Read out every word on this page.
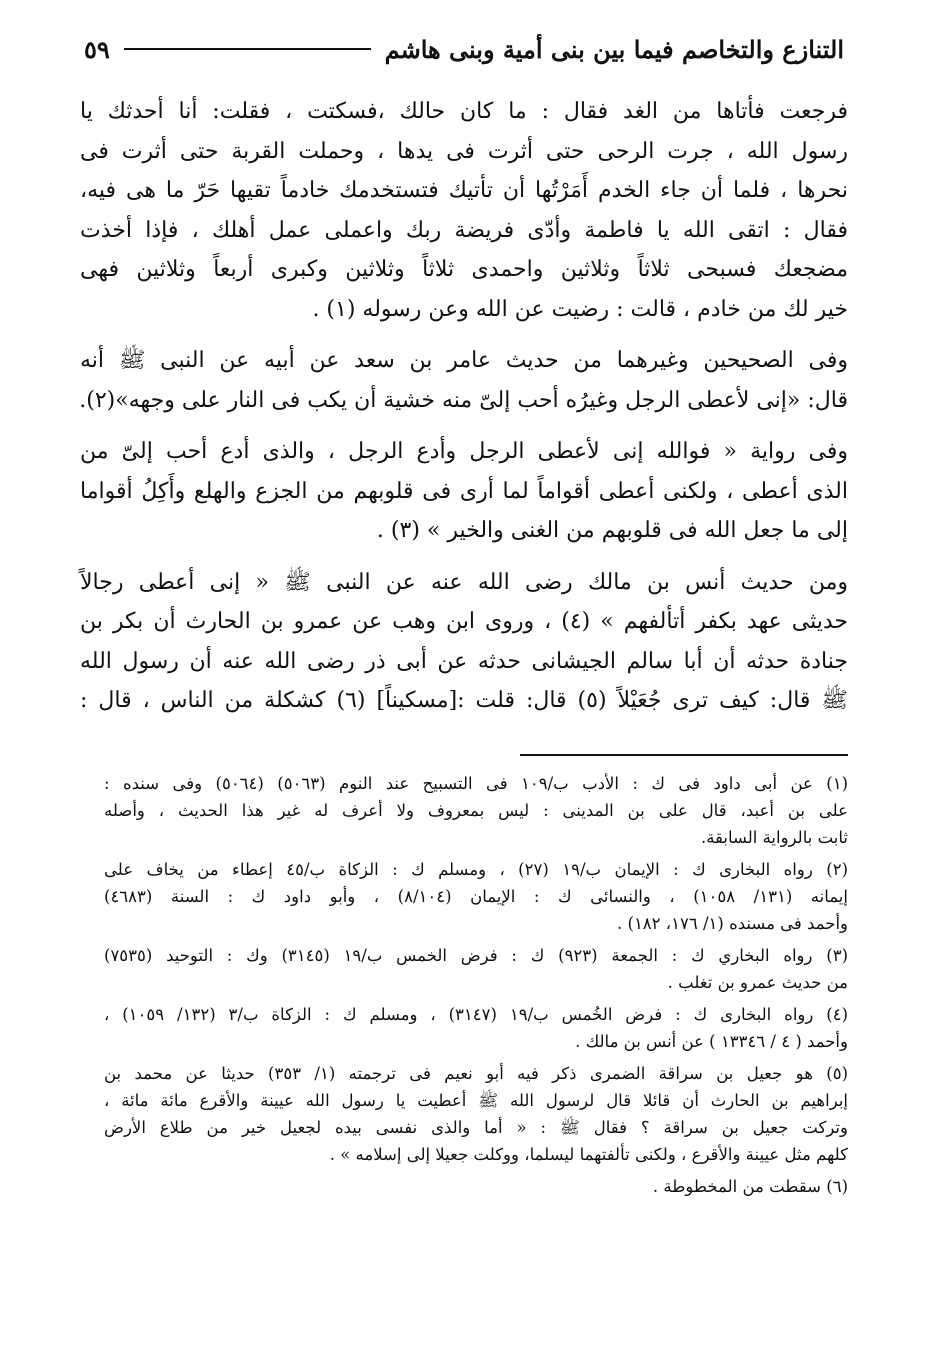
التنازع والتخاصم فيما بين بنى أمية وبنى هاشم
٥٩

فرجعت فأتاها من الغد فقال : ما كان حالك ،فسكتت ، فقلت: أنا أحدثك يا
رسول الله ، جرت الرحى حتى أثرت فى يدها ، وحملت القربة حتى أثرت فى
نحرها ، فلما أن جاء الخدم أَمَرْتُها أن تأتيك فتستخدمك خادماً تقيها حَرّ ما هى فيه،
فقال : اتقى الله يا فاطمة وأدّى فريضة ربك واعملى عمل أهلك ، فإذا أخذت
مضجعك فسبحى ثلاثاً وثلاثين واحمدى ثلاثاً وثلاثين وكبرى أربعاً وثلاثين فهى
خير لك من خادم ، قالت : رضيت عن الله وعن رسوله (١) .

وفى الصحيحين وغيرهما من حديث عامر بن سعد عن أبيه عن النبى ﷺ أنه
قال: «إنى لأعطى الرجل وغيرُه أحب إلىّ منه خشية أن يكب فى النار على وجهه»(٢).

وفى رواية « فوالله إنى لأعطى الرجل وأدع الرجل ، والذى أدع أحب إلىّ من
الذى أعطى ، ولكنى أعطى أقواماً لما أرى فى قلوبهم من الجزع والهلع وأَكِلُ أقواما
إلى ما جعل الله فى قلوبهم من الغنى والخير » (٣) .

ومن حديث أنس بن مالك رضى الله عنه عن النبى ﷺ « إنى أعطى رجالاً
حديثى عهد بكفر أتألفهم » (٤) ، وروى ابن وهب عن عمرو بن الحارث أن بكر بن
جنادة حدثه أن أبا سالم الجيشانى حدثه عن أبى ذر رضى الله عنه أن رسول الله
ﷺ قال: كيف ترى جُعَيْلاً (٥) قال: قلت :[مسكيناً] (٦) كشكلة من الناس ، قال :

(١) عن أبى داود فى ك : الأدب ب/١٠٩ فى التسبيح عند النوم (٥٠٦٣) (٥٠٦٤) وفى سنده :
على بن أعبد، قال على بن المدينى : ليس بمعروف ولا أعرف له غير هذا الحديث ، وأصله
ثابت بالرواية السابقة.

(٢) رواه البخارى ك : الإيمان ب/١٩ (٢٧) ، ومسلم ك : الزكاة ب/٤٥ إعطاء من يخاف على
إيمانه (١٣١/ ١٠٥٨) ، والنسائى ك : الإيمان (٨/١٠٤) ، وأبو داود ك : السنة (٤٦٨٣)
وأحمد فى مسنده (١/ ١٧٦، ١٨٢) .

(٣) رواه البخاري ك : الجمعة (٩٢٣) ك : فرض الخمس ب/١٩ (٣١٤٥) وك : التوحيد (٧٥٣٥)
من حديث عمرو بن تغلب .

(٤) رواه البخارى ك : فرض الخُمس ب/١٩ (٣١٤٧) ، ومسلم ك : الزكاة ب/٣ (١٣٢/ ١٠٥٩) ،
وأحمد ( ٤ / ١٣٣٤٦ ) عن أنس بن مالك .

(٥) هو جعيل بن سراقة الضمرى ذكر فيه أبو نعيم فى ترجمته (١/ ٣٥٣) حديثا عن محمد بن
إبراهيم بن الحارث أن قائلا قال لرسول الله ﷺ أعطيت يا رسول الله عيينة والأقرع مائة مائة ،
وتركت جعيل بن سراقة ؟ فقال ﷺ : « أما والذى نفسى بيده لجعيل خير من طلاع الأرض
كلهم مثل عيينة والأقرع ، ولكنى تألفتهما ليسلما، ووكلت جعيلا إلى إسلامه » .

(٦) سقطت من المخطوطة .
